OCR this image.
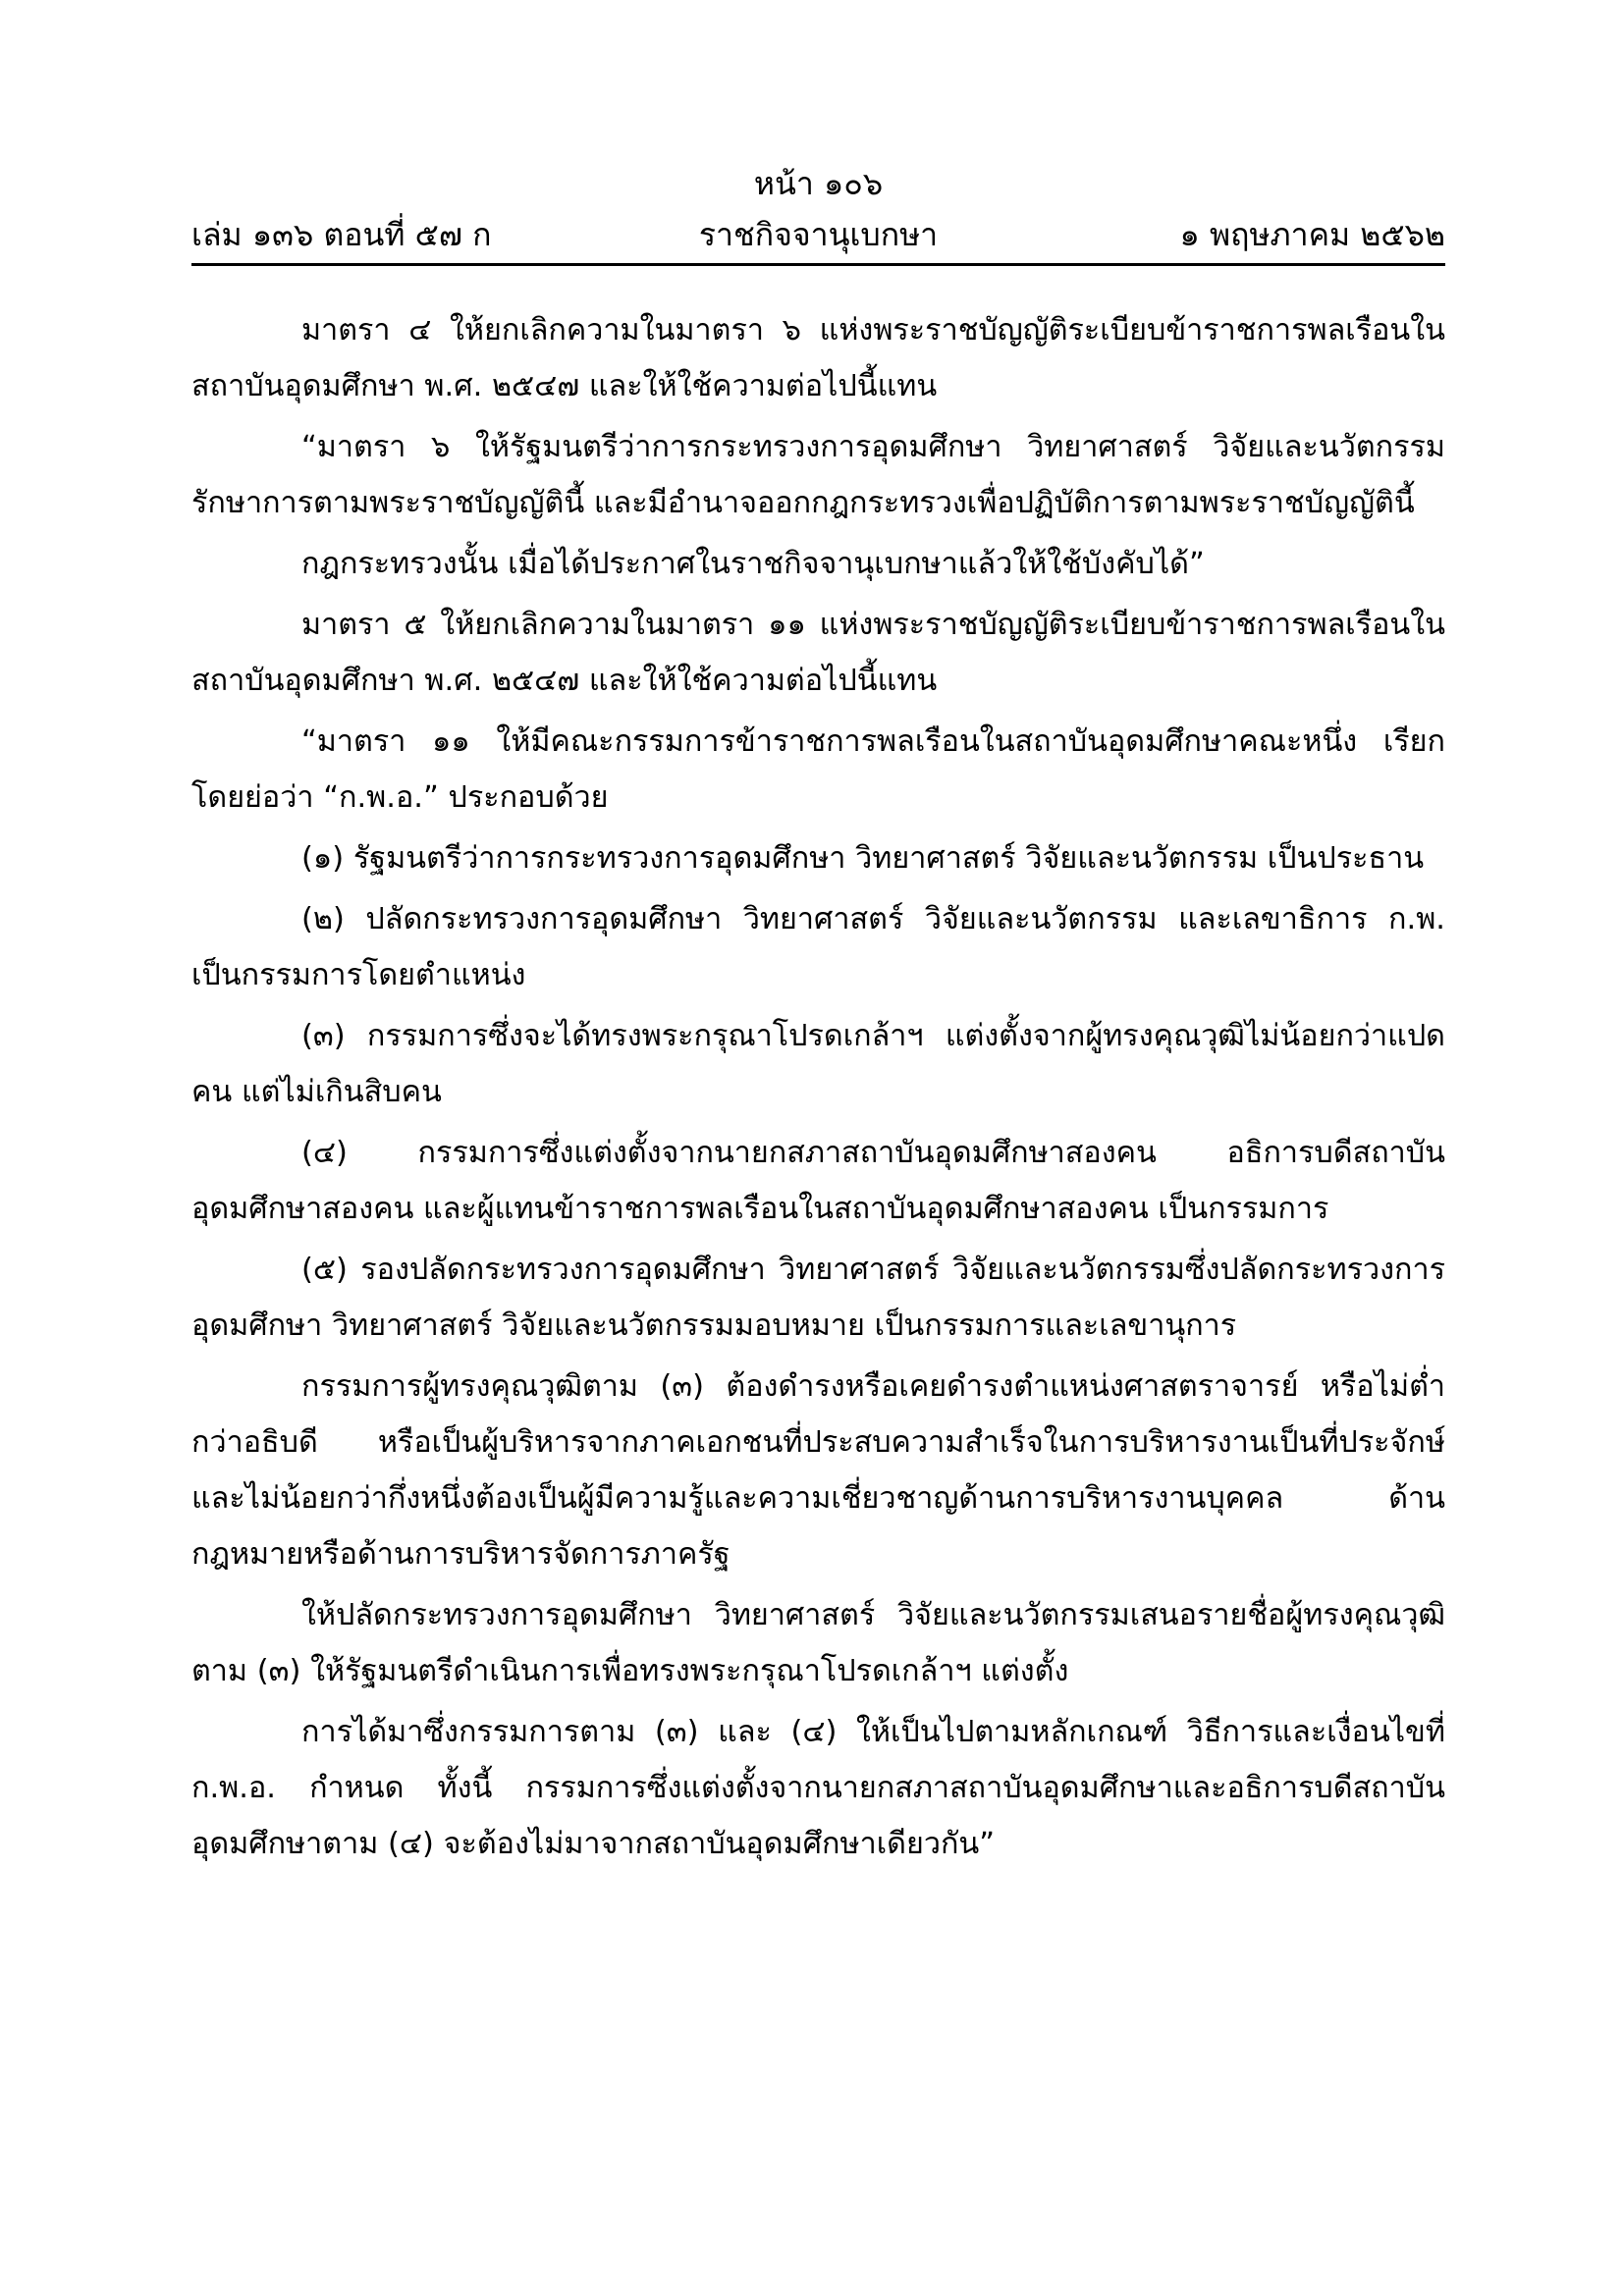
หน้า ๑๐๖
เล่ม ๑๓๖ ตอนที่ ๕๗ ก	ราชกิจจานุเบกษา	๑ พฤษภาคม ๒๕๖๒

มาตรา ๔ ให้ยกเลิกความในมาตรา ๖ แห่งพระราชบัญญัติระเบียบข้าราชการพลเรือนในสถาบันอุดมศึกษา พ.ศ. ๒๕๔๗ และให้ใช้ความต่อไปนี้แทน

“มาตรา ๖ ให้รัฐมนตรีว่าการกระทรวงการอุดมศึกษา วิทยาศาสตร์ วิจัยและนวัตกรรม รักษาการตามพระราชบัญญัตินี้ และมีอำนาจออกกฎกระทรวงเพื่อปฏิบัติการตามพระราชบัญญัตินี้

กฎกระทรวงนั้น เมื่อได้ประกาศในราชกิจจานุเบกษาแล้วให้ใช้บังคับได้”

มาตรา ๕ ให้ยกเลิกความในมาตรา ๑๑ แห่งพระราชบัญญัติระเบียบข้าราชการพลเรือนในสถาบันอุดมศึกษา พ.ศ. ๒๕๔๗ และให้ใช้ความต่อไปนี้แทน

“มาตรา ๑๑ ให้มีคณะกรรมการข้าราชการพลเรือนในสถาบันอุดมศึกษาคณะหนึ่ง เรียกโดยย่อว่า “ก.พ.อ.” ประกอบด้วย

(๑) รัฐมนตรีว่าการกระทรวงการอุดมศึกษา วิทยาศาสตร์ วิจัยและนวัตกรรม เป็นประธาน

(๒) ปลัดกระทรวงการอุดมศึกษา วิทยาศาสตร์ วิจัยและนวัตกรรม และเลขาธิการ ก.พ. เป็นกรรมการโดยตำแหน่ง

(๓) กรรมการซึ่งจะได้ทรงพระกรุณาโปรดเกล้าฯ แต่งตั้งจากผู้ทรงคุณวุฒิไม่น้อยกว่าแปดคน แต่ไม่เกินสิบคน

(๔) กรรมการซึ่งแต่งตั้งจากนายกสภาสถาบันอุดมศึกษาสองคน อธิการบดีสถาบันอุดมศึกษาสองคน และผู้แทนข้าราชการพลเรือนในสถาบันอุดมศึกษาสองคน เป็นกรรมการ

(๕) รองปลัดกระทรวงการอุดมศึกษา วิทยาศาสตร์ วิจัยและนวัตกรรมซึ่งปลัดกระทรวงการอุดมศึกษา วิทยาศาสตร์ วิจัยและนวัตกรรมมอบหมาย เป็นกรรมการและเลขานุการ

กรรมการผู้ทรงคุณวุฒิตาม (๓) ต้องดำรงหรือเคยดำรงตำแหน่งศาสตราจารย์ หรือไม่ต่ำกว่าอธิบดี หรือเป็นผู้บริหารจากภาคเอกชนที่ประสบความสำเร็จในการบริหารงานเป็นที่ประจักษ์และไม่น้อยกว่ากึ่งหนึ่งต้องเป็นผู้มีความรู้และความเชี่ยวชาญด้านการบริหารงานบุคคล ด้านกฎหมายหรือด้านการบริหารจัดการภาครัฐ

ให้ปลัดกระทรวงการอุดมศึกษา วิทยาศาสตร์ วิจัยและนวัตกรรมเสนอรายชื่อผู้ทรงคุณวุฒิตาม (๓) ให้รัฐมนตรีดำเนินการเพื่อทรงพระกรุณาโปรดเกล้าฯ แต่งตั้ง

การได้มาซึ่งกรรมการตาม (๓) และ (๔) ให้เป็นไปตามหลักเกณฑ์ วิธีการและเงื่อนไขที่ ก.พ.อ. กำหนด ทั้งนี้ กรรมการซึ่งแต่งตั้งจากนายกสภาสถาบันอุดมศึกษาและอธิการบดีสถาบันอุดมศึกษาตาม (๔) จะต้องไม่มาจากสถาบันอุดมศึกษาเดียวกัน”
